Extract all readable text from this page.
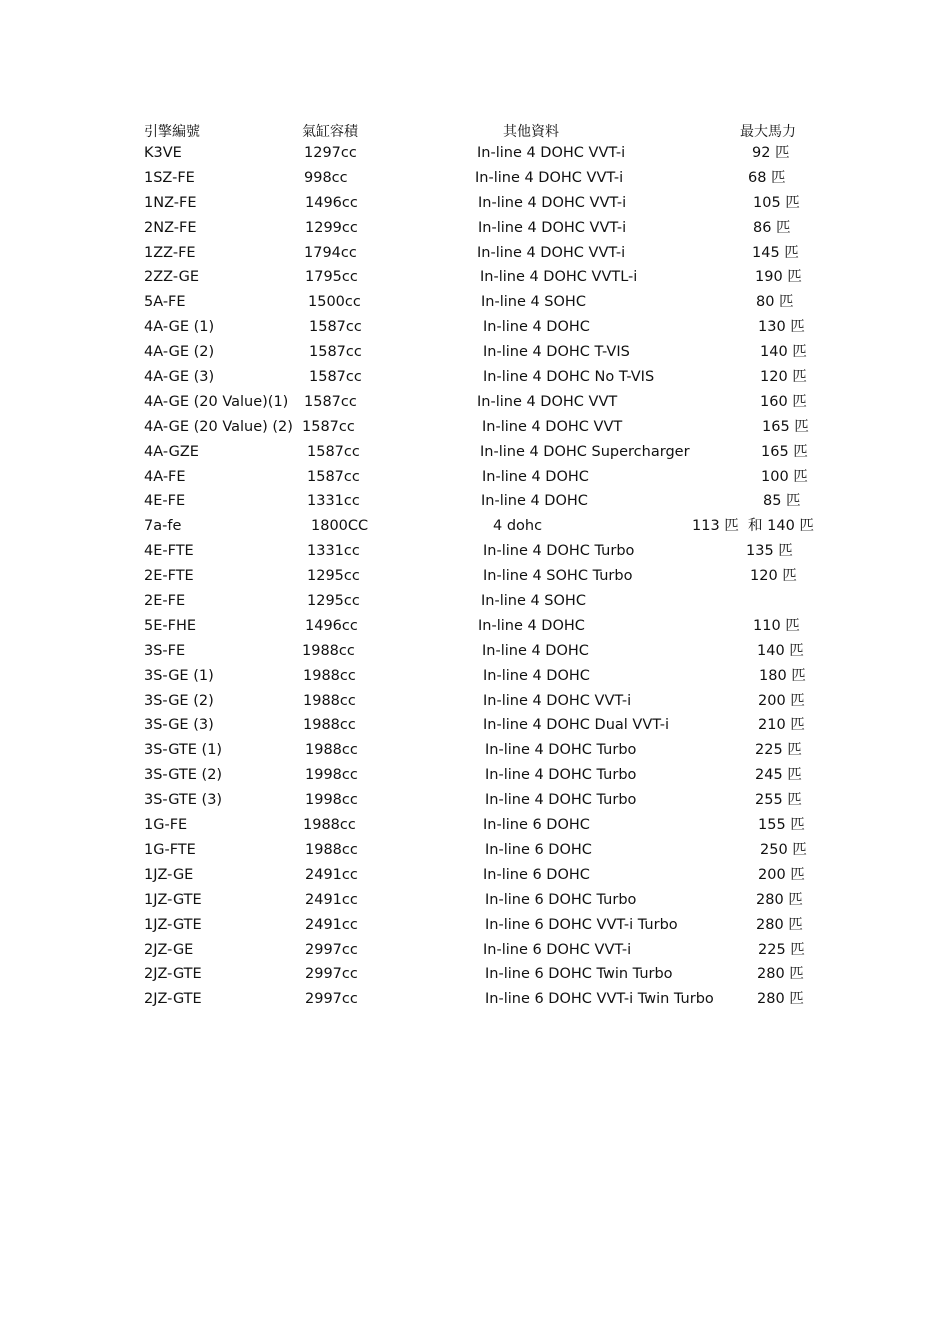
引擎編號	氣缸容積	其他資料	最大馬力
K3VE	1297cc	In-line 4 DOHC VVT-i	92 匹
1SZ-FE	998cc	In-line 4 DOHC VVT-i	68 匹
1NZ-FE	1496cc	In-line 4 DOHC VVT-i	105 匹
2NZ-FE	1299cc	In-line 4 DOHC VVT-i	86 匹
1ZZ-FE	1794cc	In-line 4 DOHC VVT-i	145 匹
2ZZ-GE	1795cc	In-line 4 DOHC VVTL-i	190 匹
5A-FE	1500cc	In-line 4 SOHC	80 匹
4A-GE (1)	1587cc	In-line 4 DOHC	130 匹
4A-GE (2)	1587cc	In-line 4 DOHC T-VIS	140 匹
4A-GE (3)	1587cc	In-line 4 DOHC No T-VIS	120 匹
4A-GE (20 Value)(1) 1587cc	In-line 4 DOHC VVT	160 匹
4A-GE (20 Value) (2) 1587cc	In-line 4 DOHC VVT	165 匹
4A-GZE	1587cc	In-line 4 DOHC Supercharger	165 匹
4A-FE	1587cc	In-line 4 DOHC	100 匹
4E-FE	1331cc	In-line 4 DOHC	85 匹
7a-fe	1800CC	4 dohc	113 匹  和 140 匹
4E-FTE	1331cc	In-line 4 DOHC Turbo	135 匹
2E-FTE	1295cc	In-line 4 SOHC Turbo	120 匹
2E-FE	1295cc	In-line 4 SOHC
5E-FHE	1496cc	In-line 4 DOHC	110 匹
3S-FE	1988cc	In-line 4 DOHC	140 匹
3S-GE (1)	1988cc	In-line 4 DOHC	180 匹
3S-GE (2)	1988cc	In-line 4 DOHC VVT-i	200 匹
3S-GE (3)	1988cc	In-line 4 DOHC Dual VVT-i	210 匹
3S-GTE (1)	1988cc	In-line 4 DOHC Turbo	225 匹
3S-GTE (2)	1998cc	In-line 4 DOHC Turbo	245 匹
3S-GTE (3)	1998cc	In-line 4 DOHC Turbo	255 匹
1G-FE	1988cc	In-line 6 DOHC	155 匹
1G-FTE	1988cc	In-line 6 DOHC	250 匹
1JZ-GE	2491cc	In-line 6 DOHC	200 匹
1JZ-GTE	2491cc	In-line 6 DOHC Turbo	280 匹
1JZ-GTE	2491cc	In-line 6 DOHC VVT-i Turbo	280 匹
2JZ-GE	2997cc	In-line 6 DOHC VVT-i	225 匹
2JZ-GTE	2997cc	In-line 6 DOHC Twin Turbo	280 匹
2JZ-GTE	2997cc	In-line 6 DOHC VVT-i Twin Turbo	280 匹
